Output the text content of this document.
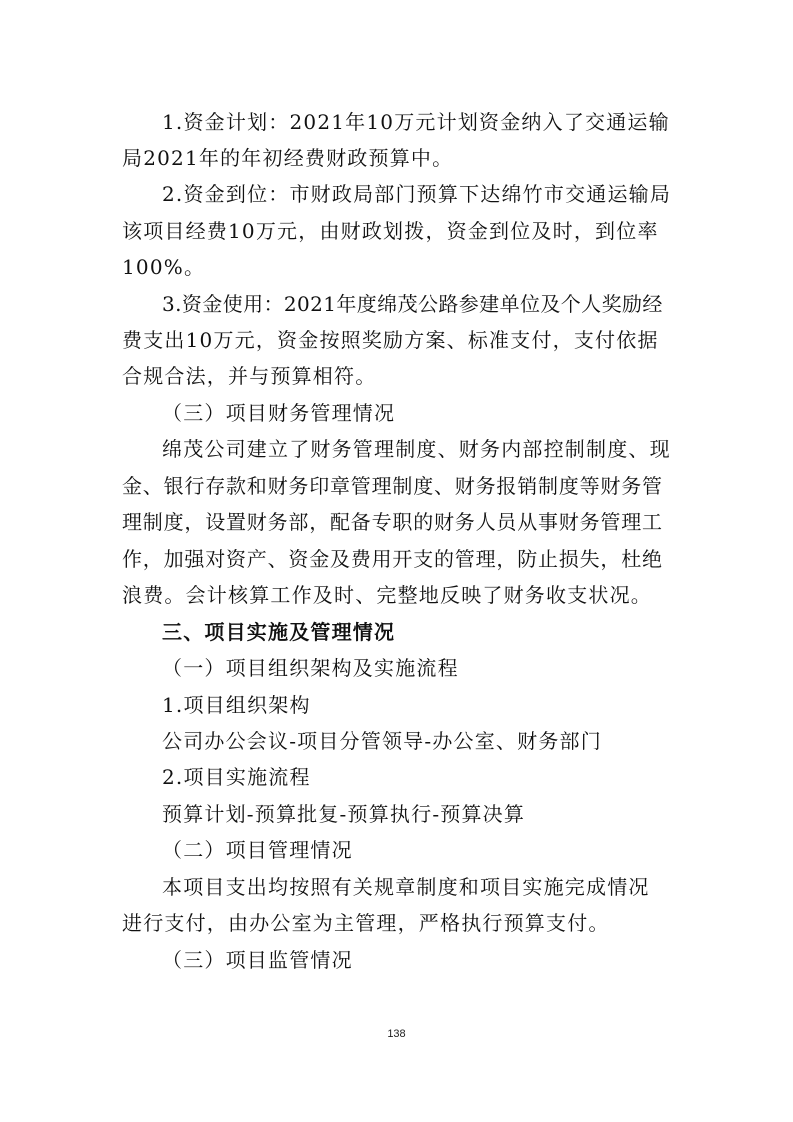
1.资金计划：2021年10万元计划资金纳入了交通运输

局2021年的年初经费财政预算中。

2.资金到位：市财政局部门预算下达绵竹市交通运输局

该项目经费10万元，由财政划拨，资金到位及时，到位率

100%。

3.资金使用：2021年度绵茂公路参建单位及个人奖励经

费支出10万元，资金按照奖励方案、标准支付，支付依据

合规合法，并与预算相符。

（三）项目财务管理情况

绵茂公司建立了财务管理制度、财务内部控制制度、现

金、银行存款和财务印章管理制度、财务报销制度等财务管

理制度，设置财务部，配备专职的财务人员从事财务管理工

作，加强对资产、资金及费用开支的管理，防止损失，杜绝

浪费。会计核算工作及时、完整地反映了财务收支状况。

三、项目实施及管理情况

（一）项目组织架构及实施流程

1.项目组织架构

公司办公会议-项目分管领导-办公室、财务部门

2.项目实施流程

预算计划-预算批复-预算执行-预算决算

（二）项目管理情况

本项目支出均按照有关规章制度和项目实施完成情况

进行支付，由办公室为主管理，严格执行预算支付。

（三）项目监管情况

138
